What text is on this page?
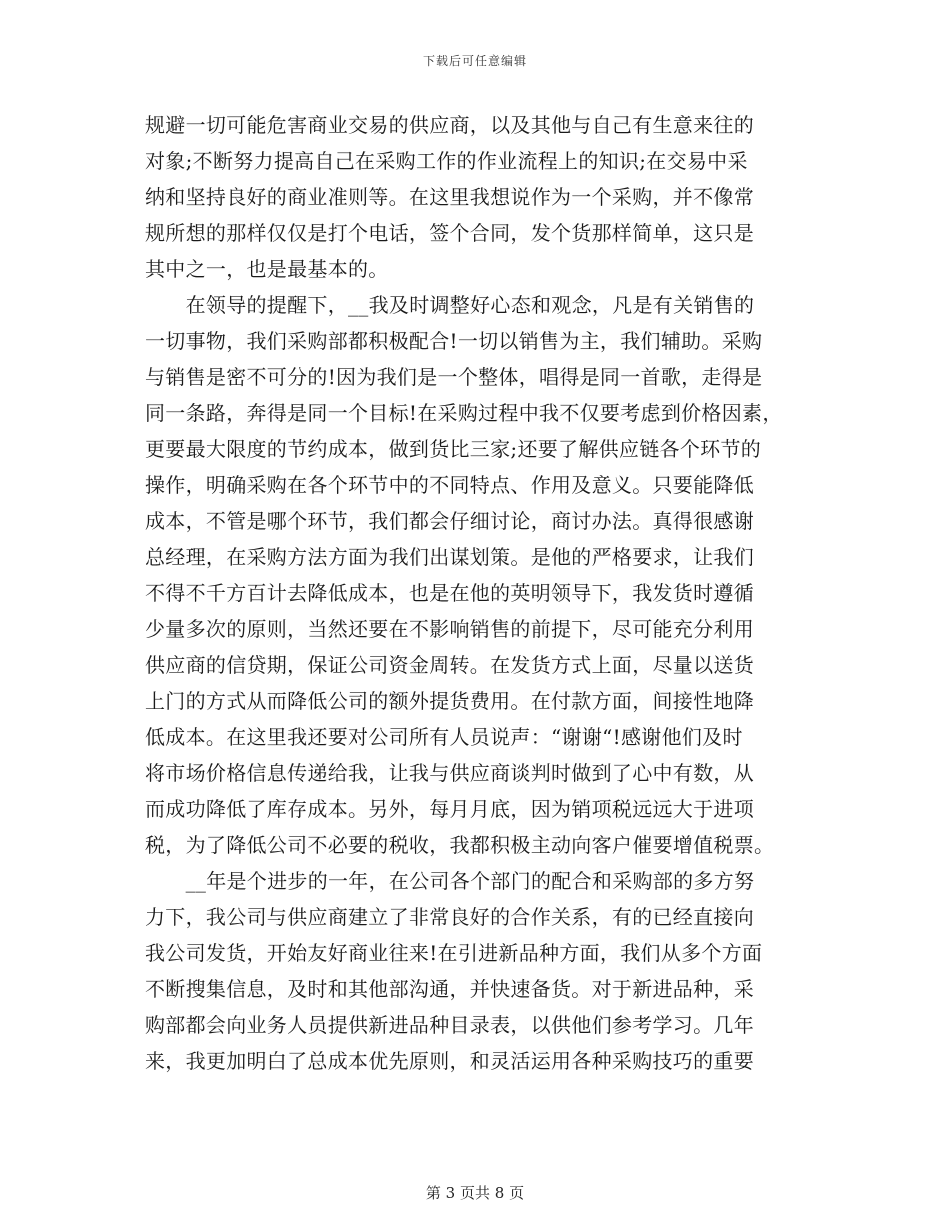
下载后可任意编辑
规避一切可能危害商业交易的供应商，以及其他与自己有生意来往的
对象;不断努力提高自己在采购工作的作业流程上的知识;在交易中采
纳和坚持良好的商业准则等。在这里我想说作为一个采购，并不像常
规所想的那样仅仅是打个电话，签个合同，发个货那样简单，这只是
其中之一，也是最基本的。
　　在领导的提醒下，__我及时调整好心态和观念，凡是有关销售的
一切事物，我们采购部都积极配合!一切以销售为主，我们辅助。采购
与销售是密不可分的!因为我们是一个整体，唱得是同一首歌，走得是
同一条路，奔得是同一个目标!在采购过程中我不仅要考虑到价格因素，
更要最大限度的节约成本，做到货比三家;还要了解供应链各个环节的
操作，明确采购在各个环节中的不同特点、作用及意义。只要能降低
成本，不管是哪个环节，我们都会仔细讨论，商讨办法。真得很感谢
总经理，在采购方法方面为我们出谋划策。是他的严格要求，让我们
不得不千方百计去降低成本，也是在他的英明领导下，我发货时遵循
少量多次的原则，当然还要在不影响销售的前提下，尽可能充分利用
供应商的信贷期，保证公司资金周转。在发货方式上面，尽量以送货
上门的方式从而降低公司的额外提货费用。在付款方面，间接性地降
低成本。在这里我还要对公司所有人员说声：“谢谢“!感谢他们及时
将市场价格信息传递给我，让我与供应商谈判时做到了心中有数，从
而成功降低了库存成本。另外，每月月底，因为销项税远远大于进项
税，为了降低公司不必要的税收，我都积极主动向客户催要增值税票。
　　__年是个进步的一年，在公司各个部门的配合和采购部的多方努
力下，我公司与供应商建立了非常良好的合作关系，有的已经直接向
我公司发货，开始友好商业往来!在引进新品种方面，我们从多个方面
不断搜集信息，及时和其他部沟通，并快速备货。对于新进品种，采
购部都会向业务人员提供新进品种目录表，以供他们参考学习。几年
来，我更加明白了总成本优先原则，和灵活运用各种采购技巧的重要
第 3 页共 8 页
